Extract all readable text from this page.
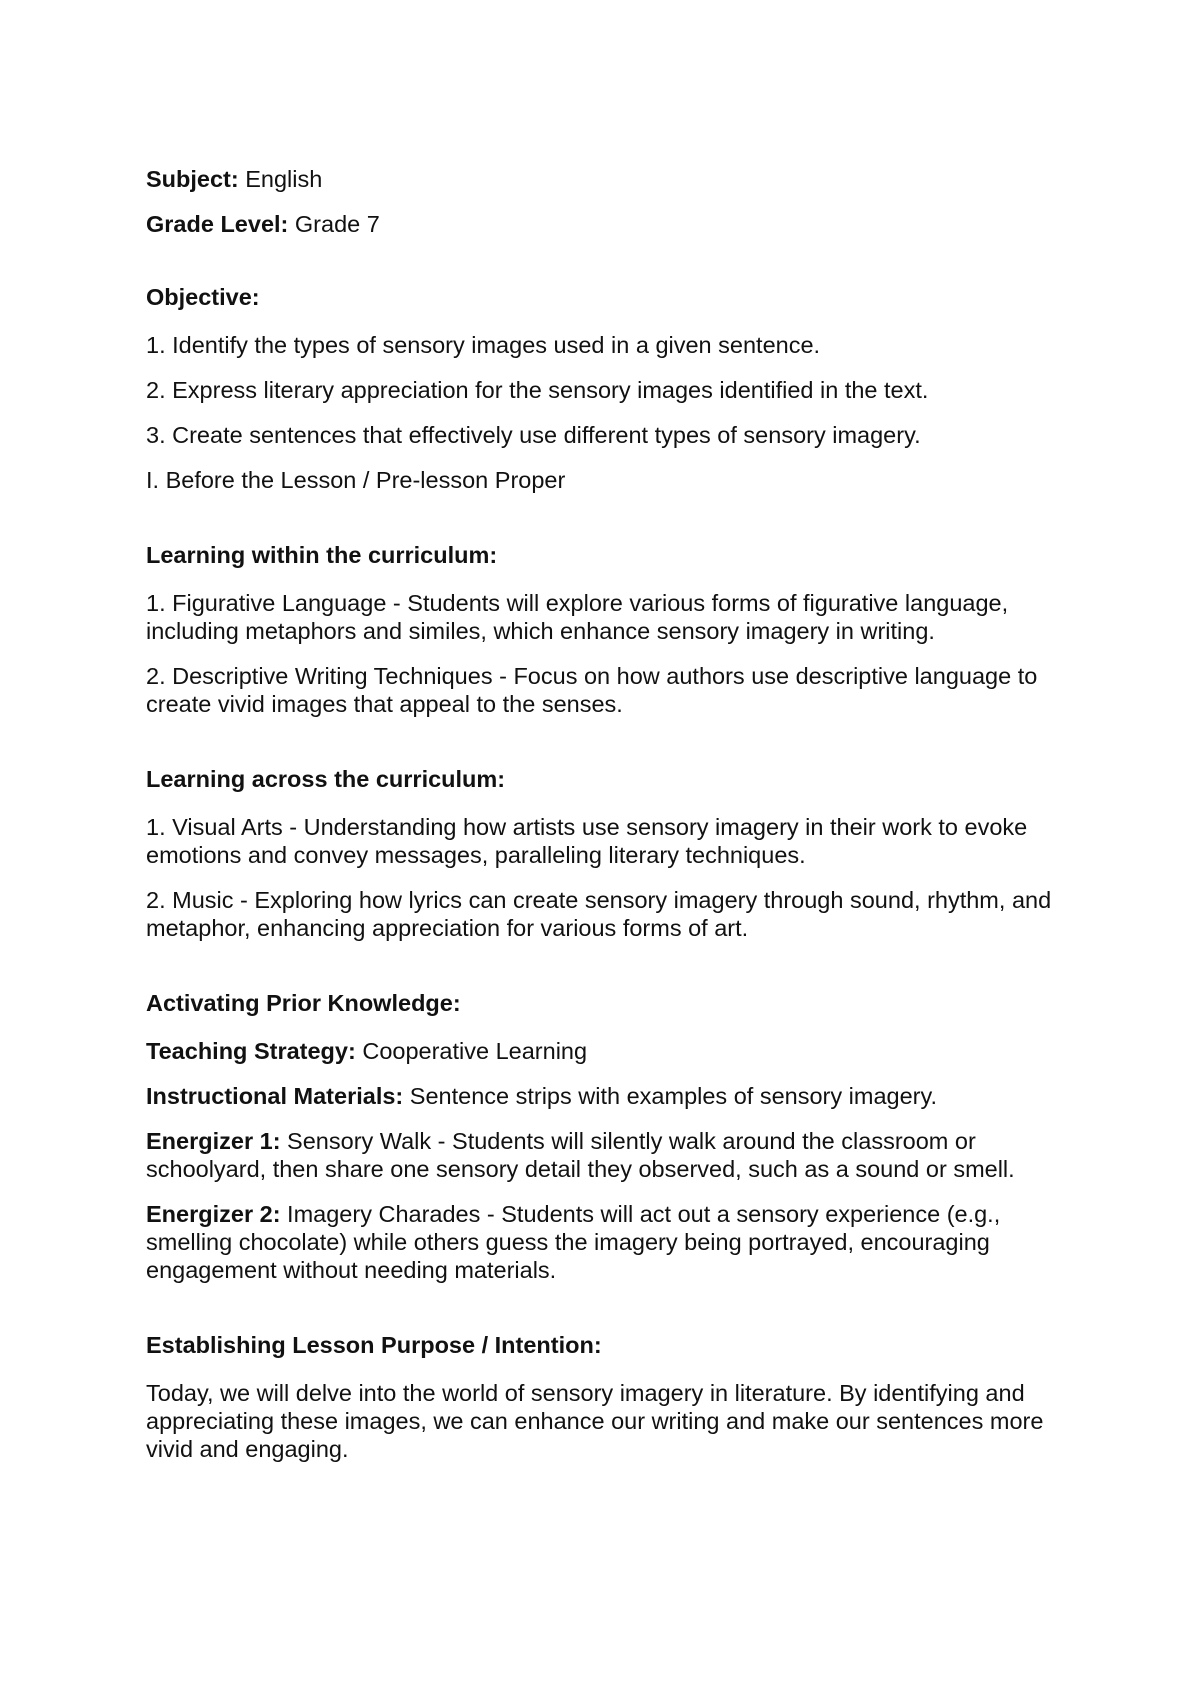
Subject: English

Grade Level: Grade 7

Objective:

1. Identify the types of sensory images used in a given sentence.

2. Express literary appreciation for the sensory images identified in the text.

3. Create sentences that effectively use different types of sensory imagery.

I. Before the Lesson / Pre-lesson Proper

Learning within the curriculum:

1. Figurative Language - Students will explore various forms of figurative language, including metaphors and similes, which enhance sensory imagery in writing.

2. Descriptive Writing Techniques - Focus on how authors use descriptive language to create vivid images that appeal to the senses.

Learning across the curriculum:

1. Visual Arts - Understanding how artists use sensory imagery in their work to evoke emotions and convey messages, paralleling literary techniques.

2. Music - Exploring how lyrics can create sensory imagery through sound, rhythm, and metaphor, enhancing appreciation for various forms of art.

Activating Prior Knowledge:

Teaching Strategy: Cooperative Learning

Instructional Materials: Sentence strips with examples of sensory imagery.

Energizer 1: Sensory Walk - Students will silently walk around the classroom or schoolyard, then share one sensory detail they observed, such as a sound or smell.

Energizer 2: Imagery Charades - Students will act out a sensory experience (e.g., smelling chocolate) while others guess the imagery being portrayed, encouraging engagement without needing materials.

Establishing Lesson Purpose / Intention:

Today, we will delve into the world of sensory imagery in literature. By identifying and appreciating these images, we can enhance our writing and make our sentences more vivid and engaging.
